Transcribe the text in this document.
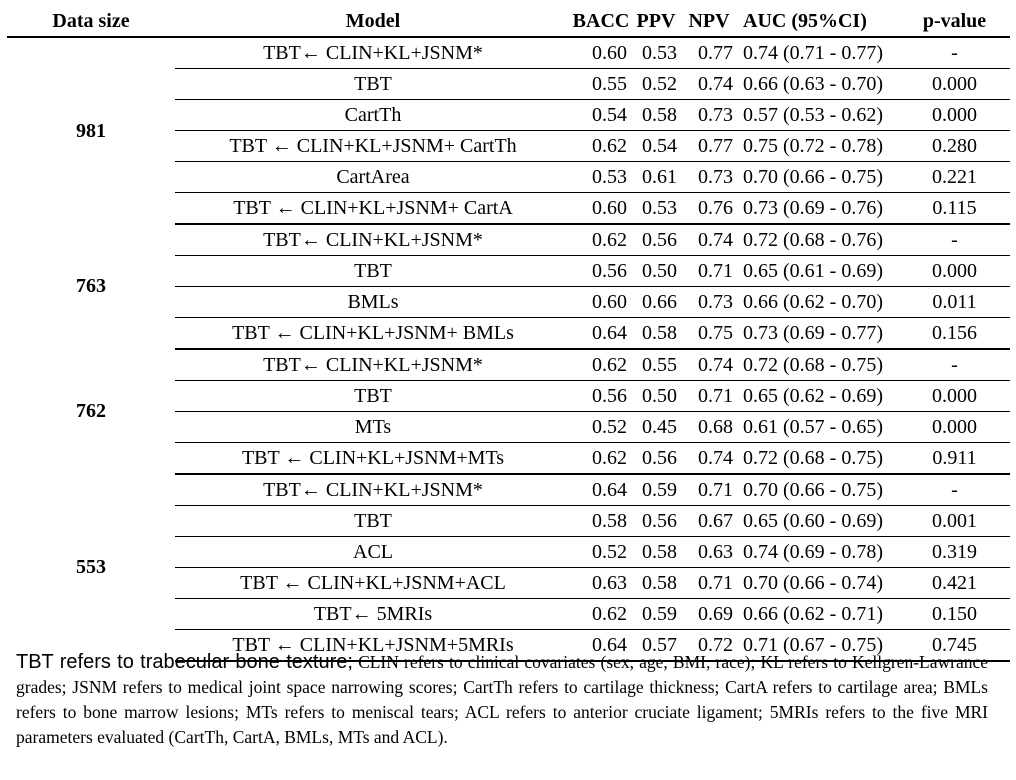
Data size	Model	BACC	PPV	NPV	AUC (95%CI)	p-value
981	TBT← CLIN+KL+JSNM*	0.60	0.53	0.77	0.74 (0.71 - 0.77)	-
	TBT	0.55	0.52	0.74	0.66 (0.63 - 0.70)	0.000
	CartTh	0.54	0.58	0.73	0.57 (0.53 - 0.62)	0.000
	TBT ← CLIN+KL+JSNM+ CartTh	0.62	0.54	0.77	0.75 (0.72 - 0.78)	0.280
	CartArea	0.53	0.61	0.73	0.70 (0.66 - 0.75)	0.221
	TBT ← CLIN+KL+JSNM+ CartA	0.60	0.53	0.76	0.73 (0.69 - 0.76)	0.115
763	TBT← CLIN+KL+JSNM*	0.62	0.56	0.74	0.72 (0.68 - 0.76)	-
	TBT	0.56	0.50	0.71	0.65 (0.61 - 0.69)	0.000
	BMLs	0.60	0.66	0.73	0.66 (0.62 - 0.70)	0.011
	TBT ← CLIN+KL+JSNM+ BMLs	0.64	0.58	0.75	0.73 (0.69 - 0.77)	0.156
762	TBT← CLIN+KL+JSNM*	0.62	0.55	0.74	0.72 (0.68 - 0.75)	-
	TBT	0.56	0.50	0.71	0.65 (0.62 - 0.69)	0.000
	MTs	0.52	0.45	0.68	0.61 (0.57 - 0.65)	0.000
	TBT ← CLIN+KL+JSNM+MTs	0.62	0.56	0.74	0.72 (0.68 - 0.75)	0.911
553	TBT← CLIN+KL+JSNM*	0.64	0.59	0.71	0.70 (0.66 - 0.75)	-
	TBT	0.58	0.56	0.67	0.65 (0.60 - 0.69)	0.001
	ACL	0.52	0.58	0.63	0.74 (0.69 - 0.78)	0.319
	TBT ← CLIN+KL+JSNM+ACL	0.63	0.58	0.71	0.70 (0.66 - 0.74)	0.421
	TBT← 5MRIs	0.62	0.59	0.69	0.66 (0.62 - 0.71)	0.150
	TBT ← CLIN+KL+JSNM+5MRIs	0.64	0.57	0.72	0.71 (0.67 - 0.75)	0.745
TBT refers to trabecular bone texture; CLIN refers to clinical covariates (sex, age, BMI, race); KL refers to Kellgren-Lawrance grades; JSNM refers to medical joint space narrowing scores; CartTh refers to cartilage thickness; CartA refers to cartilage area; BMLs refers to bone marrow lesions; MTs refers to meniscal tears; ACL refers to anterior cruciate ligament; 5MRIs refers to the five MRI parameters evaluated (CartTh, CartA, BMLs, MTs and ACL).
